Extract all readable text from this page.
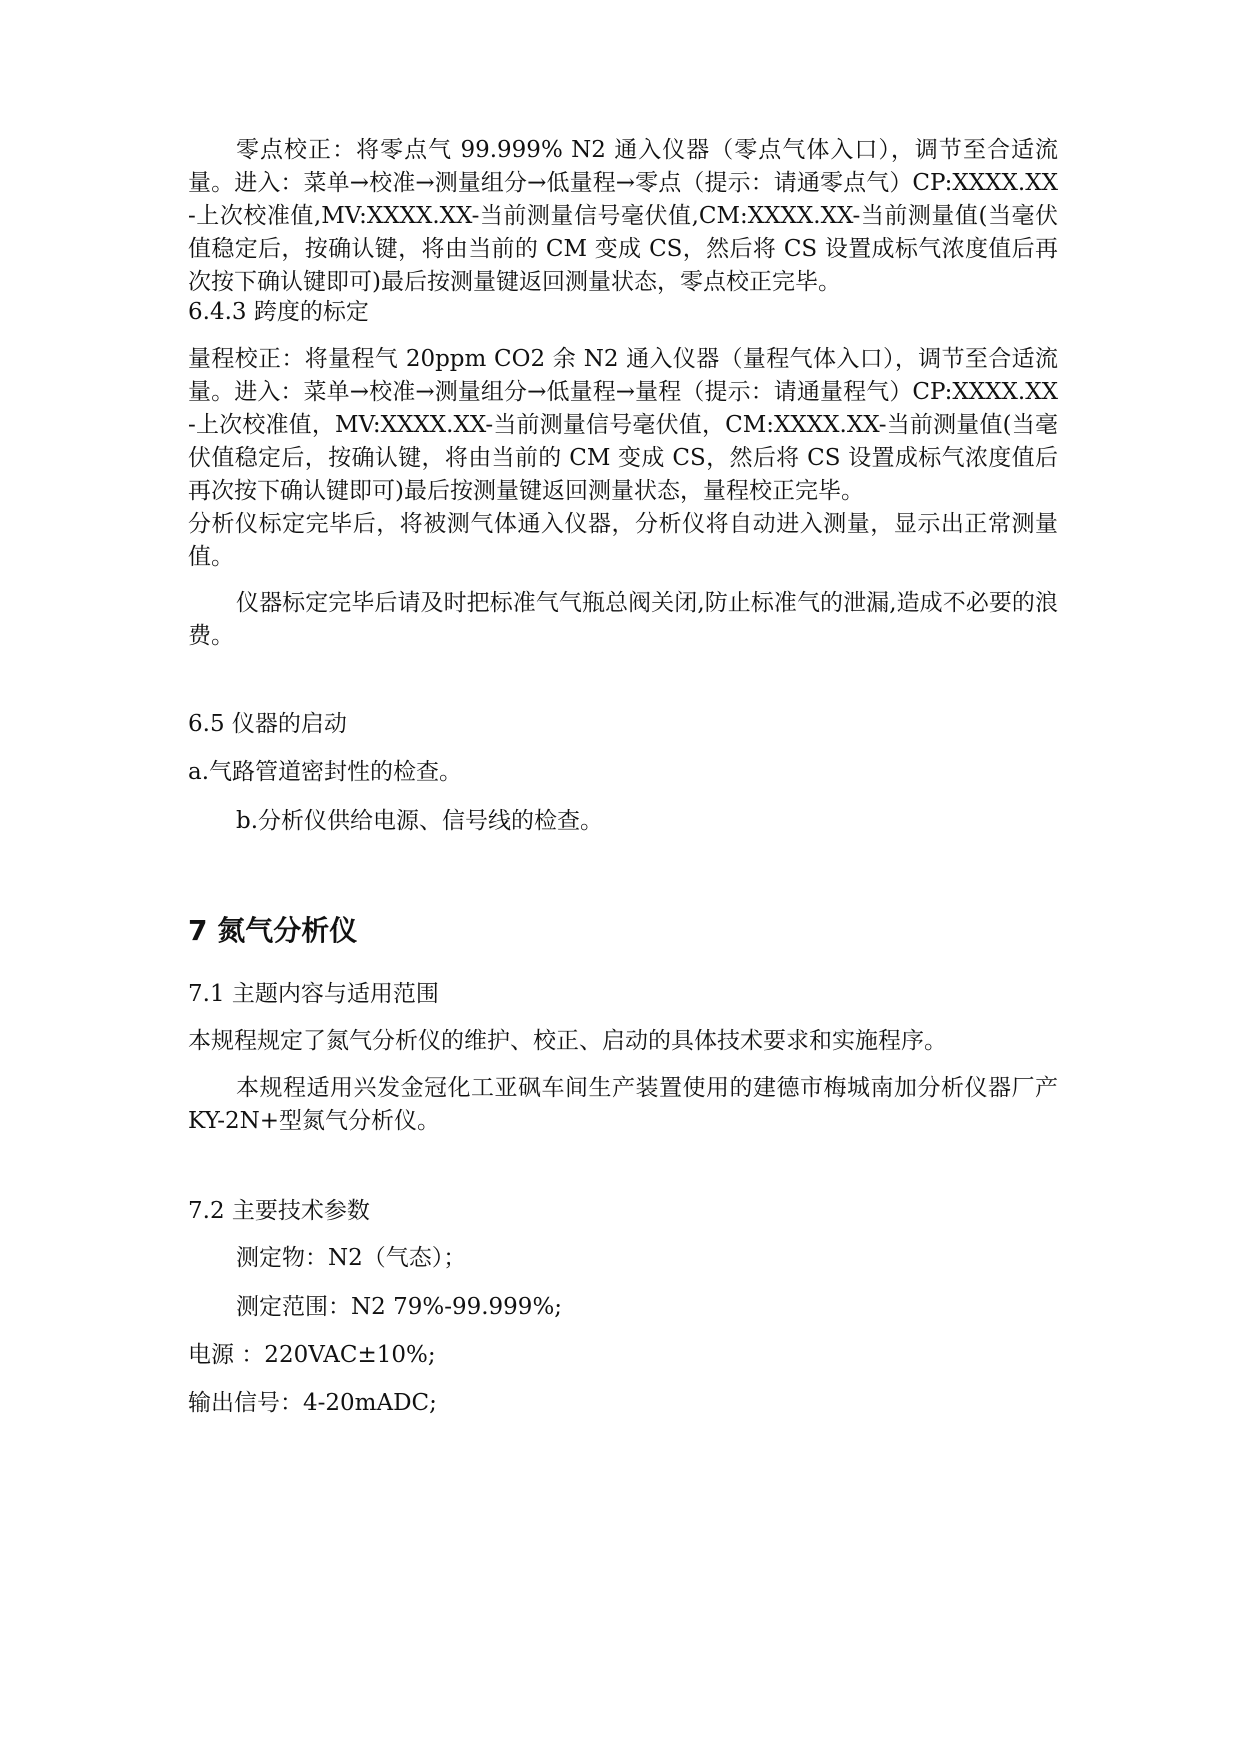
零点校正：将零点气 99.999% N2 通入仪器（零点气体入口），调节至合适流量。进入：菜单→校准→测量组分→低量程→零点（提示：请通零点气）CP:XXXX.XX-上次校准值,MV:XXXX.XX-当前测量信号毫伏值,CM:XXXX.XX-当前测量值(当毫伏值稳定后，按确认键，将由当前的 CM 变成 CS，然后将 CS 设置成标气浓度值后再次按下确认键即可)最后按测量键返回测量状态，零点校正完毕。

6.4.3 跨度的标定

量程校正：将量程气 20ppm CO2 余 N2 通入仪器（量程气体入口），调节至合适流量。进入：菜单→校准→测量组分→低量程→量程（提示：请通量程气）CP:XXXX.XX-上次校准值，MV:XXXX.XX-当前测量信号毫伏值，CM:XXXX.XX-当前测量值(当毫伏值稳定后，按确认键，将由当前的 CM 变成 CS，然后将 CS 设置成标气浓度值后再次按下确认键即可)最后按测量键返回测量状态，量程校正完毕。

分析仪标定完毕后，将被测气体通入仪器，分析仪将自动进入测量，显示出正常测量值。

仪器标定完毕后请及时把标准气气瓶总阀关闭,防止标准气的泄漏,造成不必要的浪费。

6.5 仪器的启动

a.气路管道密封性的检查。

b.分析仪供给电源、信号线的检查。

7 氮气分析仪

7.1 主题内容与适用范围

本规程规定了氮气分析仪的维护、校正、启动的具体技术要求和实施程序。

本规程适用兴发金冠化工亚砜车间生产装置使用的建德市梅城南加分析仪器厂产 KY-2N+型氮气分析仪。

7.2 主要技术参数

测定物：N2（气态）；

测定范围：N2 79%-99.999%;

电源 ：220VAC±10%;

输出信号：4-20mADC;
